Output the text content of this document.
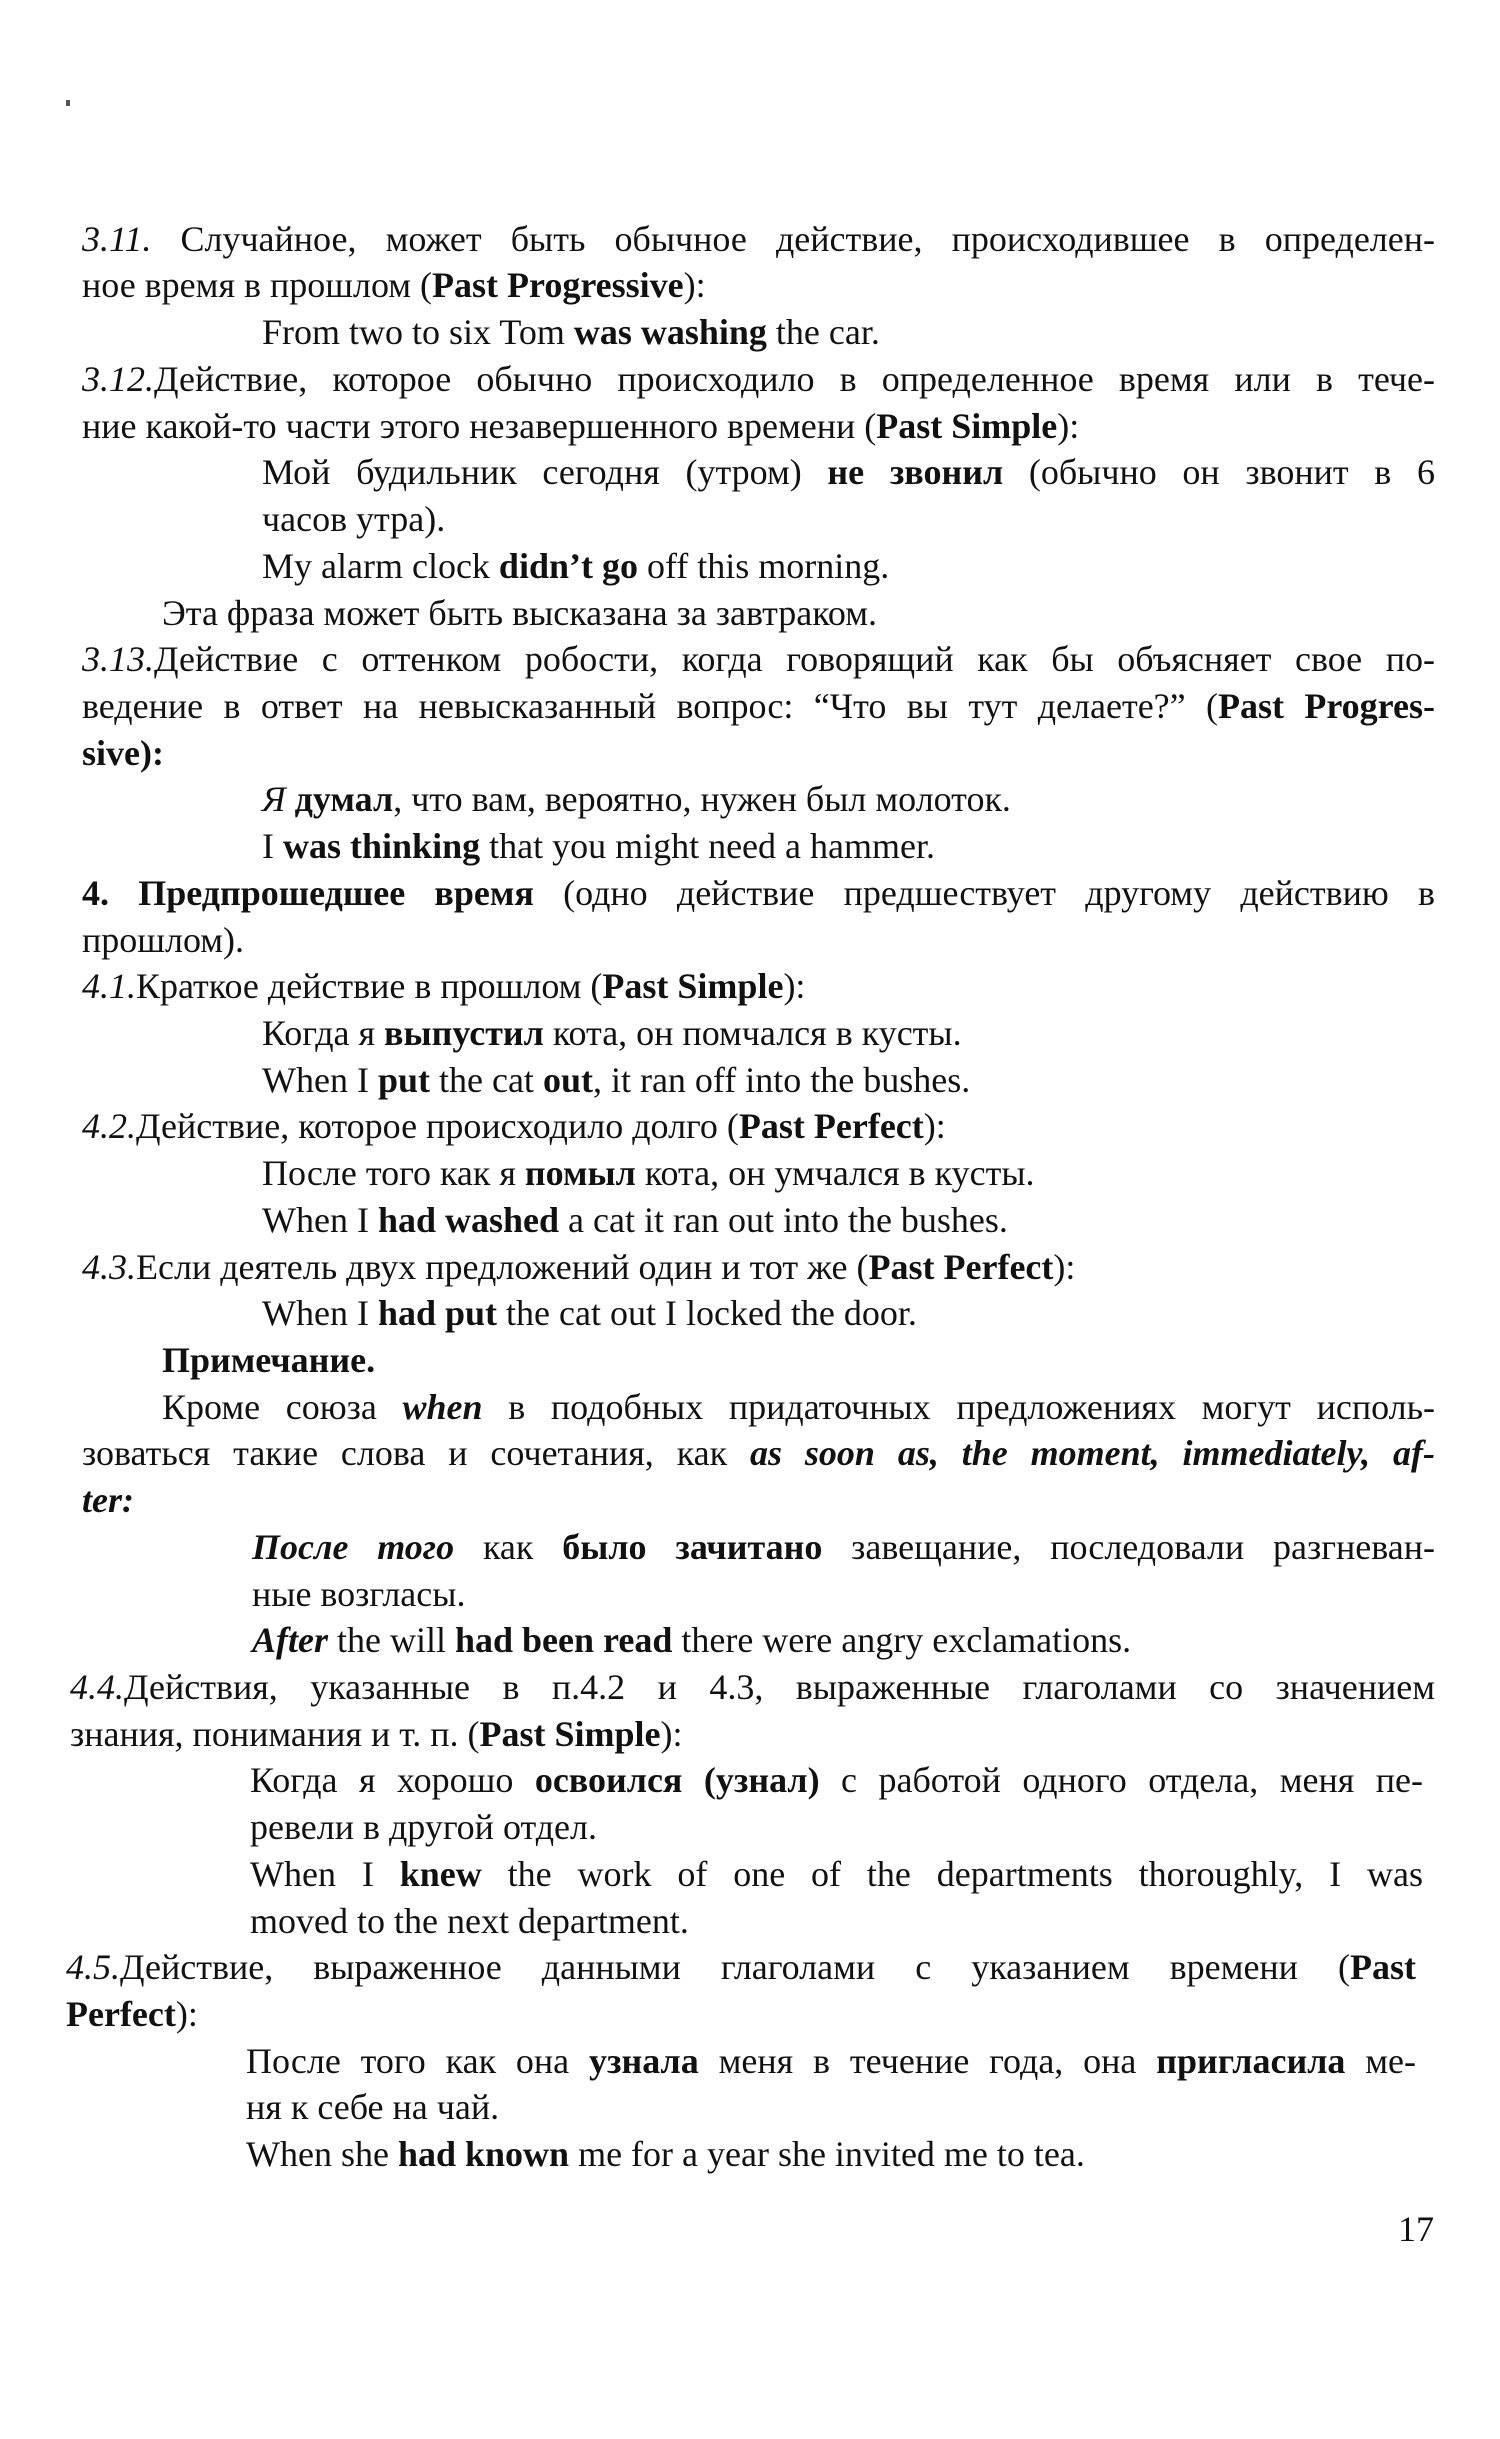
3.11. Случайное, может быть обычное действие, происходившее в определен-
ное время в прошлом (Past Progressive):
From two to six Tom was washing the car.
3.12.Действие, которое обычно происходило в определенное время или в тече-
ние какой-то части этого незавершенного времени (Past Simple):
Мой будильник сегодня (утром) не звонил (обычно он звонит в 6
часов утра).
My alarm clock didn’t go off this morning.
Эта фраза может быть высказана за завтраком.
3.13.Действие с оттенком робости, когда говорящий как бы объясняет свое по-
ведение в ответ на невысказанный вопрос: “Что вы тут делаете?” (Past Progres-
sive):
Я думал, что вам, вероятно, нужен был молоток.
I was thinking that you might need a hammer.
4. Предпрошедшее время (одно действие предшествует другому действию в
прошлом).
4.1.Краткое действие в прошлом (Past Simple):
Когда я выпустил кота, он помчался в кусты.
When I put the cat out, it ran off into the bushes.
4.2.Действие, которое происходило долго (Past Perfect):
После того как я помыл кота, он умчался в кусты.
When I had washed a cat it ran out into the bushes.
4.3.Если деятель двух предложений один и тот же (Past Perfect):
When I had put the cat out I locked the door.
Примечание.
Кроме союза when в подобных придаточных предложениях могут исполь-
зоваться такие слова и сочетания, как as soon as, the moment, immediately, af-
ter:
После того как было зачитано завещание, последовали разгневан-
ные возгласы.
After the will had been read there were angry exclamations.
4.4.Действия, указанные в п.4.2 и 4.3, выраженные глаголами со значением
знания, понимания и т. п. (Past Simple):
Когда я хорошо освоился (узнал) с работой одного отдела, меня пе-
ревели в другой отдел.
When I knew the work of one of the departments thoroughly, I was
moved to the next department.
4.5.Действие, выраженное данными глаголами с указанием времени (Past
Perfect):
После того как она узнала меня в течение года, она пригласила ме-
ня к себе на чай.
When she had known me for a year she invited me to tea.
17
